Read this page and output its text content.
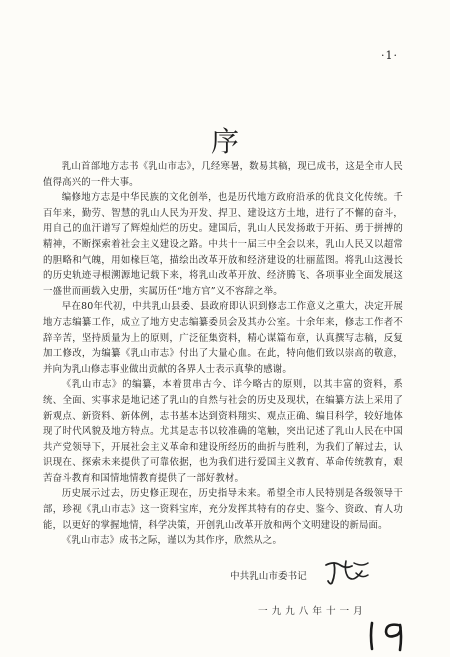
·1·
序

乳山首部地方志书《乳山市志》，几经寒暑，数易其稿，现已成书，这是全市人民值得高兴的一件大事。

编修地方志是中华民族的文化创举，也是历代地方政府沿承的优良文化传统。千百年来，勤劳、智慧的乳山人民为开发、捍卫、建设这方土地，进行了不懈的奋斗，用自己的血汗谱写了辉煌灿烂的历史。建国后，乳山人民发扬敢于开拓、勇于拼搏的精神，不断探索着社会主义建设之路。中共十一届三中全会以来，乳山人民又以超常的胆略和气魄，用如椽巨笔，描绘出改革开放和经济建设的壮丽蓝图。将乳山这漫长的历史轨迹寻根溯源地记载下来，将乳山改革开放、经济腾飞、各项事业全面发展这一盛世而画载入史册，实属历任“地方官”义不容辞之举。

早在80年代初，中共乳山县委、县政府即认识到修志工作意义之重大，决定开展地方志编纂工作，成立了地方史志编纂委员会及其办公室。十余年来，修志工作者不辞辛苦，坚持质量为上的原则，广泛征集资料，精心谋篇布章，认真撰写志稿，反复加工修改，为编纂《乳山市志》付出了大量心血。在此，特向他们致以崇高的敬意，并向为乳山修志事业做出贡献的各界人士表示真挚的感谢。

《乳山市志》的编纂，本着贯串古今、详今略古的原则，以其丰富的资料，系统、全面、实事求是地记述了乳山的自然与社会的历史及现状，在编纂方法上采用了新观点、新资料、新体例，志书基本达到资料翔实、观点正确、编目科学，较好地体现了时代风貌及地方特点。尤其是志书以较准确的笔触，突出记述了乳山人民在中国共产党领导下，开展社会主义革命和建设所经历的曲折与胜利，为我们了解过去，认识现在、探索未来提供了可靠依据，也为我们进行爱国主义教育、革命传统教育，艰苦奋斗教育和国情地情教育提供了一部好教材。

历史展示过去，历史修正现在，历史指导未来。希望全市人民特别是各级领导干部，珍视《乳山市志》这一资料宝库，充分发挥其特有的存史、鉴今、资政、育人功能，以更好的掌握地情，科学决策，开创乳山改革开放和两个文明建设的新局面。

《乳山市志》成书之际，谨以为其作序，欣然从之。

中共乳山市委书记
一九九八年十一月
